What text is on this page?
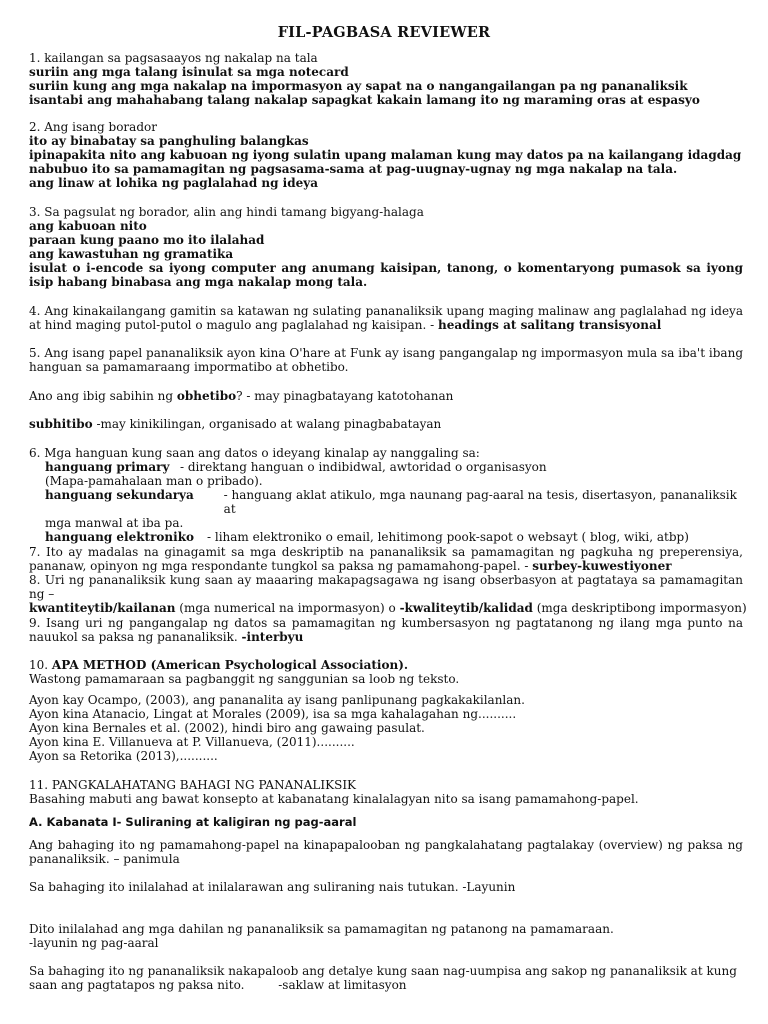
FIL-PAGBASA REVIEWER
1. kailangan sa pagsasaayos ng nakalap na tala
suriin ang mga talang isinulat sa mga notecard
suriin kung ang mga nakalap na impormasyon ay sapat na o nangangailangan pa ng pananaliksik
isantabi ang mahahabang talang nakalap sapagkat kakain lamang ito ng maraming oras at espasyo
2. Ang isang borador
ito ay binabatay sa panghuling balangkas
ipinapakita nito ang kabuoan ng iyong sulatin upang malaman kung may datos pa na kailangang idagdag
nabubuo ito sa pamamagitan ng pagsasama-sama at pag-uugnay-ugnay ng mga nakalap na tala.
ang linaw at lohika ng paglalahad ng ideya
3. Sa pagsulat ng borador, alin ang hindi tamang bigyang-halaga
ang kabuoan nito
paraan kung paano mo ito ilalahad
ang kawastuhan ng gramatika
isulat o i-encode sa iyong computer ang anumang kaisipan, tanong, o komentaryong pumasok sa iyong isip habang binabasa ang mga nakalap mong tala.
4. Ang kinakailangang gamitin sa katawan ng sulating pananaliksik upang maging malinaw ang paglalahad ng ideya at hind maging putol-putol o magulo ang paglalahad ng kaisipan. - headings at salitang transisyonal
5. Ang isang papel pananaliksik ayon kina O'hare at Funk ay isang pangangalap ng impormasyon mula sa iba't ibang hanguan sa pamamaraang impormatibo at obhetibo.
Ano ang ibig sabihin ng obhetibo? - may pinagbatayang katotohanan
subhitibo -may kinikilingan, organisado at walang pinagbabatayan
6. Mga hanguan kung saan ang datos o ideyang kinalap ay nanggaling sa:
hanguang primary - direktang hanguan o indibidwal, awtoridad o organisasyon
(Mapa-pamahalaan man o pribado).
hanguang sekundarya	- hanguang aklat atikulo, mga naunang pag-aaral na tesis, disertasyon, pananaliksik at
mga manwal at iba pa.
hanguang elektroniko	- liham elektroniko o email, lehitimong pook-sapot o websayt ( blog, wiki, atbp)
7. Ito ay madalas na ginagamit sa mga deskriptib na pananaliksik sa pamamagitan ng pagkuha ng preperensiya, pananaw, opinyon ng mga respondante tungkol sa paksa ng pamamahong-papel. - surbey-kuwestiyoner
8. Uri ng pananaliksik kung saan ay maaaring makapagsagawa ng isang obserbasyon at pagtataya sa pamamagitan ng –
kwantiteytib/kailanan (mga numerical na impormasyon) o -kwaliteytib/kalidad (mga deskriptibong impormasyon)
9. Isang uri ng pangangalap ng datos sa pamamagitan ng kumbersasyon ng pagtatanong ng ilang mga punto na nauukol sa paksa ng pananaliksik. -interbyu
10. APA METHOD (American Psychological Association).
Wastong pamamaraan sa pagbanggit ng sanggunian sa loob ng teksto.
Ayon kay Ocampo, (2003), ang pananalita ay isang panlipunang pagkakakilanlan.
Ayon kina Atanacio, Lingat at Morales (2009), isa sa mga kahalagahan ng..........
Ayon kina Bernales et al. (2002), hindi biro ang gawaing pasulat.
Ayon kina E. Villanueva at P. Villanueva, (2011)..........
Ayon sa Retorika (2013),..........
11. PANGKALAHATANG BAHAGI NG PANANALIKSIK
Basahing mabuti ang bawat konsepto at kabanatang kinalalagyan nito sa isang pamamahong-papel.
A. Kabanata I- Suliraning at kaligiran ng pag-aaral
Ang bahaging ito ng pamamahong-papel na kinapapalooban ng pangkalahatang pagtalakay (overview) ng paksa ng pananaliksik. – panimula
Sa bahaging ito inilalahad at inilalarawan ang suliraning nais tutukan. -Layunin
Dito inilalahad ang mga dahilan ng pananaliksik sa pamamagitan ng patanong na pamamaraan.
-layunin ng pag-aaral
Sa bahaging ito ng pananaliksik nakapaloob ang detalye kung saan nag-uumpisa ang sakop ng pananaliksik at kung saan ang pagtatapos ng paksa nito.	-saklaw at limitasyon
